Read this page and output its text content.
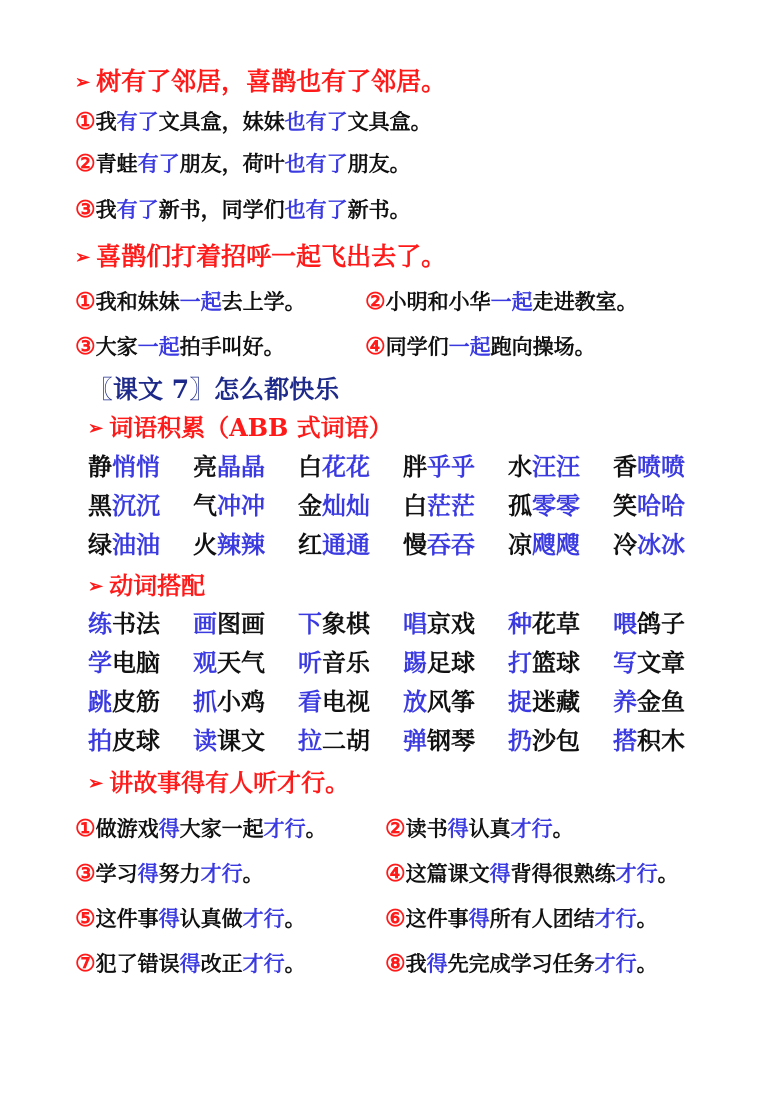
➢ 树有了邻居，喜鹊也有了邻居。
①我有了文具盒，妹妹也有了文具盒。
②青蛙有了朋友，荷叶也有了朋友。
③我有了新书，同学们也有了新书。
➢ 喜鹊们打着招呼一起飞出去了。
①我和妹妹一起去上学。	②小明和小华一起走进教室。
③大家一起拍手叫好。	④同学们一起跑向操场。
〖课文 7〗怎么都快乐
➢ 词语积累（ABB 式词语）
静悄悄 亮晶晶 白花花 胖乎乎 水汪汪 香喷喷
黑沉沉 气冲冲 金灿灿 白茫茫 孤零零 笑哈哈
绿油油 火辣辣 红通通 慢吞吞 凉飕飕 冷冰冰
➢ 动词搭配
练书法 画图画 下象棋 唱京戏 种花草 喂鸽子
学电脑 观天气 听音乐 踢足球 打篮球 写文章
跳皮筋 抓小鸡 看电视 放风筝 捉迷藏 养金鱼
拍皮球 读课文 拉二胡 弹钢琴 扔沙包 搭积木
➢ 讲故事得有人听才行。
①做游戏得大家一起才行。	②读书得认真才行。
③学习得努力才行。	④这篇课文得背得很熟练才行。
⑤这件事得认真做才行。	⑥这件事得所有人团结才行。
⑦犯了错误得改正才行。	⑧我得先完成学习任务才行。
